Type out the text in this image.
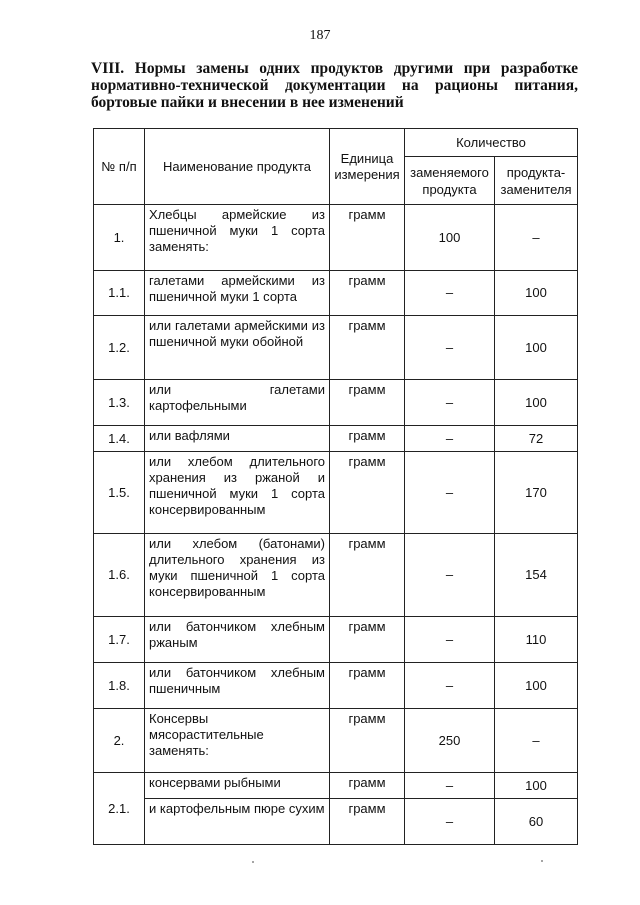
187
VIII. Нормы замены одних продуктов другими при разработке нормативно-технической документации на рационы питания, бортовые пайки и внесении в нее изменений
№ п/п	Наименование продукта	Единица измерения	Количество	
			заменяемого продукта	продукта-заменителя
1.	Хлебцы армейские из пшеничной муки 1 сорта заменять:	грамм	100	–
1.1.	галетами армейскими из пшеничной муки 1 сорта	грамм	–	100
1.2.	или галетами армейскими из пшеничной муки обойной	грамм	–	100
1.3.	или галетами картофельными	грамм	–	100
1.4.	или вафлями	грамм	–	72
1.5.	или хлебом длительного хранения из ржаной и пшеничной муки 1 сорта консервированным	грамм	–	170
1.6.	или хлебом (батонами) длительного хранения из муки пшеничной 1 сорта консервированным	грамм	–	154
1.7.	или батончиком хлебным ржаным	грамм	–	110
1.8.	или батончиком хлебным пшеничным	грамм	–	100
2.	Консервы мясорастительные заменять:	грамм	250	–
2.1.	консервами рыбными	грамм	–	100
	и картофельным пюре сухим	грамм	–	60
